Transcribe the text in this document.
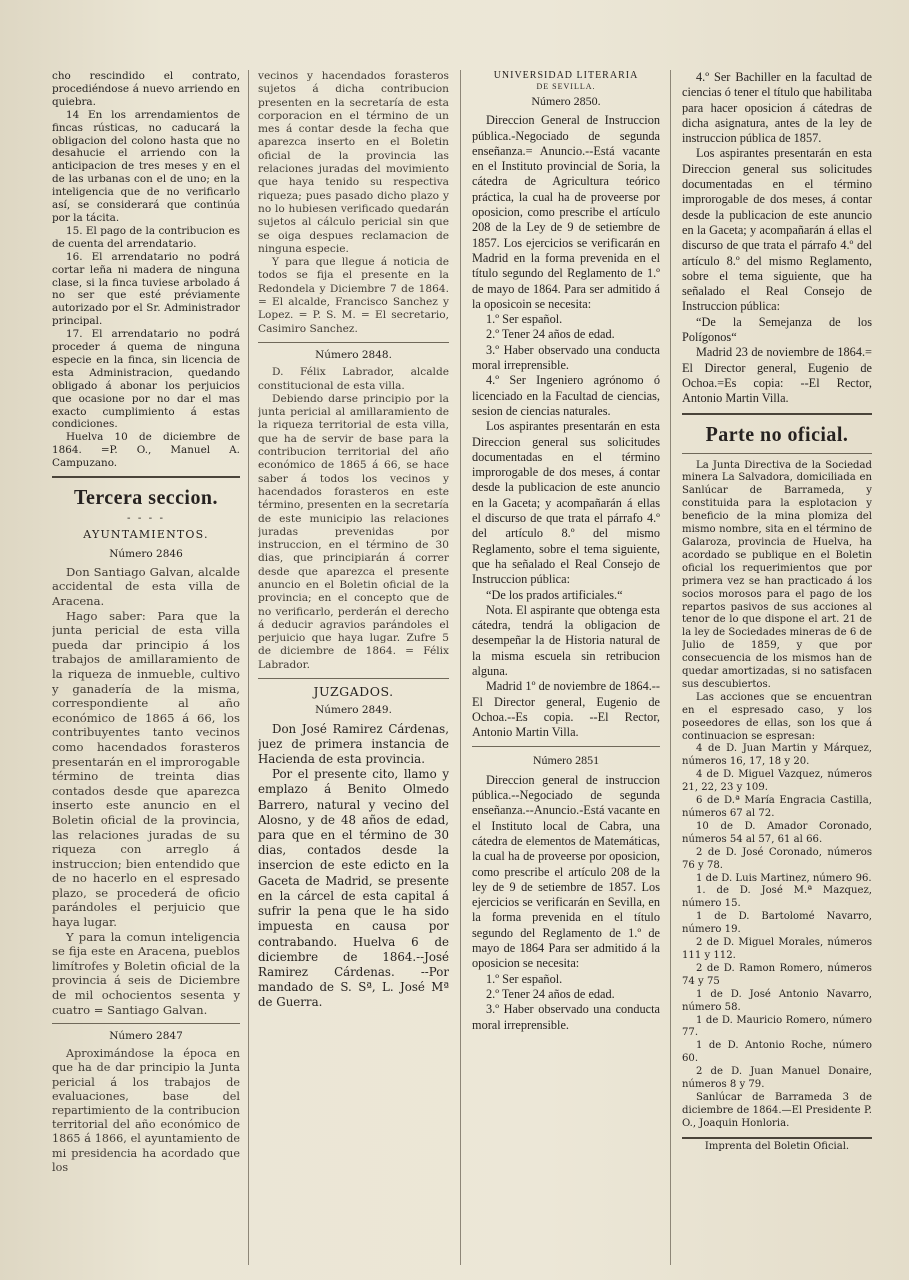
cho rescindido el contrato, procediéndose á nuevo arriendo en quiebra.

14 En los arrendamientos de fincas rústicas, no caducará la obligacion del colono hasta que no desahucie el arriendo con la anticipacion de tres meses y en el de las urbanas con el de uno; en la inteligencia que de no verificarlo así, se considerará que continúa por la tácita.

15. El pago de la contribucion es de cuenta del arrendatario.

16. El arrendatario no podrá cortar leña ni madera de ninguna clase, si la finca tuviese arbolado á no ser que esté préviamente autorizado por el Sr. Administrador principal.

17. El arrendatario no podrá proceder á quema de ninguna especie en la finca, sin licencia de esta Administracion, quedando obligado á abonar los perjuicios que ocasione por no dar el mas exacto cumplimiento á estas condiciones.

Huelva 10 de diciembre de 1864. =P. O., Manuel A. Campuzano.

Tercera seccion.
- - - -
AYUNTAMIENTOS.
Número 2846

Don Santiago Galvan, alcalde accidental de esta villa de Aracena.

Hago saber: Para que la junta pericial de esta villa pueda dar principio á los trabajos de amillaramiento de la riqueza de inmueble, cultivo y ganadería de la misma, correspondiente al año económico de 1865 á 66, los contribuyentes tanto vecinos como hacendados forasteros presentarán en el improrogable término de treinta dias contados desde que aparezca inserto este anuncio en el Boletin oficial de la provincia, las relaciones juradas de su riqueza con arreglo á instruccion; bien entendido que de no hacerlo en el espresado plazo, se procederá de oficio parándoles el perjuicio que haya lugar.

Y para la comun inteligencia se fija este en Aracena, pueblos limítrofes y Boletin oficial de la provincia á seis de Diciembre de mil ochocientos sesenta y cuatro = Santiago Galvan.

Número 2847

Aproximándose la época en que ha de dar principio la Junta pericial á los trabajos de evaluaciones, base del repartimiento de la contribucion territorial del año económico de 1865 á 1866, el ayuntamiento de mi presidencia ha acordado que los

vecinos y hacendados forasteros sujetos á dicha contribucion presenten en la secretaría de esta corporacion en el término de un mes á contar desde la fecha que aparezca inserto en el Boletin oficial de la provincia las relaciones juradas del movimiento que haya tenido su respectiva riqueza; pues pasado dicho plazo y no lo hubiesen verificado quedarán sujetos al cálculo pericial sin que se oiga despues reclamacion de ninguna especie.

Y para que llegue á noticia de todos se fija el presente en la Redondela y Diciembre 7 de 1864. = El alcalde, Francisco Sanchez y Lopez. = P. S. M. = El secretario, Casimiro Sanchez.

Número 2848.

D. Félix Labrador, alcalde constitucional de esta villa.

Debiendo darse principio por la junta pericial al amillaramiento de la riqueza territorial de esta villa, que ha de servir de base para la contribucion territorial del año económico de 1865 á 66, se hace saber á todos los vecinos y hacendados forasteros en este término, presenten en la secretaría de este municipio las relaciones juradas prevenidas por instruccion, en el término de 30 dias, que principiarán á correr desde que aparezca el presente anuncio en el Boletin oficial de la provincia; en el concepto que de no verificarlo, perderán el derecho á deducir agravios parándoles el perjuicio que haya lugar. Zufre 5 de diciembre de 1864. = Félix Labrador.

JUZGADOS.
Número 2849.

Don José Ramirez Cárdenas, juez de primera instancia de Hacienda de esta provincia.

Por el presente cito, llamo y emplazo á Benito Olmedo Barrero, natural y vecino del Alosno, y de 48 años de edad, para que en el término de 30 dias, contados desde la insercion de este edicto en la Gaceta de Madrid, se presente en la cárcel de esta capital á sufrir la pena que le ha sido impuesta en causa por contrabando. Huelva 6 de diciembre de 1864.--José Ramirez Cárdenas. --Por mandado de S. Sª, L. José Mª de Guerra.

UNIVERSIDAD LITERARIA
DE SEVILLA.
Número 2850.

Direccion General de Instruccion pública.-Negociado de segunda enseñanza.= Anuncio.--Está vacante en el Instituto provincial de Soria, la cátedra de Agricultura teórico práctica, la cual ha de proveerse por oposicion, como prescribe el artículo 208 de la Ley de 9 de setiembre de 1857. Los ejercicios se verificarán en Madrid en la forma prevenida en el título segundo del Reglamento de 1.º de mayo de 1864. Para ser admitido á la oposicoin se necesita:

1.º Ser español.

2.º Tener 24 años de edad.

3.º Haber observado una conducta moral irreprensible.

4.º Ser Ingeniero agrónomo ó licenciado en la Facultad de ciencias, sesion de ciencias naturales.

Los aspirantes presentarán en esta Direccion general sus solicitudes documentadas en el término improrogable de dos meses, á contar desde la publicacion de este anuncio en la Gaceta; y acompañarán á ellas el discurso de que trata el párrafo 4.º del artículo 8.º del mismo Reglamento, sobre el tema siguiente, que ha señalado el Real Consejo de Instruccion pública:

“De los prados artificiales.“

Nota. El aspirante que obtenga esta cátedra, tendrá la obligacion de desempeñar la de Historia natural de la misma escuela sin retribucion alguna.

Madrid 1º de noviembre de 1864.--El Director general, Eugenio de Ochoa.--Es copia. --El Rector, Antonio Martin Villa.

Número 2851

Direccion general de instruccion pública.--Negociado de segunda enseñanza.--Anuncio.-Está vacante en el Instituto local de Cabra, una cátedra de elementos de Matemáticas, la cual ha de proveerse por oposicion, como prescribe el artículo 208 de la ley de 9 de setiembre de 1857. Los ejercicios se verificarán en Sevilla, en la forma prevenida en el título segundo del Reglamento de 1.º de mayo de 1864 Para ser admitido á la oposicion se necesita:

1.º Ser español.

2.º Tener 24 años de edad.

3.º Haber observado una conducta moral irreprensible.

4.º Ser Bachiller en la facultad de ciencias ó tener el título que habilitaba para hacer oposicion á cátedras de dicha asignatura, antes de la ley de instruccion pública de 1857.

Los aspirantes presentarán en esta Direccion general sus solicitudes documentadas en el término improrogable de dos meses, á contar desde la publicacion de este anuncio en la Gaceta; y acompañarán á ellas el discurso de que trata el párrafo 4.º del artículo 8.º del mismo Reglamento, sobre el tema siguiente, que ha señalado el Real Consejo de Instruccion pública:

“De la Semejanza de los Polígonos“

Madrid 23 de noviembre de 1864.= El Director general, Eugenio de Ochoa.=Es copia: --El Rector, Antonio Martin Villa.

Parte no oficial.

La Junta Directiva de la Sociedad minera La Salvadora, domiciliada en Sanlúcar de Barrameda, y constituida para la esplotacion y beneficio de la mina plomiza del mismo nombre, sita en el término de Galaroza, provincia de Huelva, ha acordado se publique en el Boletin oficial los requerimientos que por primera vez se han practicado á los socios morosos para el pago de los repartos pasivos de sus acciones al tenor de lo que dispone el art. 21 de la ley de Sociedades mineras de 6 de Julio de 1859, y que por consecuencia de los mismos han de quedar amortizadas, si no satisfacen sus descubiertos.

Las acciones que se encuentran en el espresado caso, y los poseedores de ellas, son los que á continuacion se espresan:

4 de D. Juan Martin y Márquez, números 16, 17, 18 y 20.

4 de D. Miguel Vazquez, números 21, 22, 23 y 109.

6 de D.ª María Engracia Castilla, números 67 al 72.

10 de D. Amador Coronado, números 54 al 57, 61 al 66.

2 de D. José Coronado, números 76 y 78.

1 de D. Luis Martinez, número 96.

1. de D. José M.ª Mazquez, número 15.

1 de D. Bartolomé Navarro, número 19.

2 de D. Miguel Morales, números 111 y 112.

2 de D. Ramon Romero, números 74 y 75

1 de D. José Antonio Navarro, número 58.

1 de D. Mauricio Romero, número 77.

1 de D. Antonio Roche, número 60.

2 de D. Juan Manuel Donaire, números 8 y 79.

Sanlúcar de Barrameda 3 de diciembre de 1864.—El Presidente P. O., Joaquin Honloria.

Imprenta del Boletin Oficial.
